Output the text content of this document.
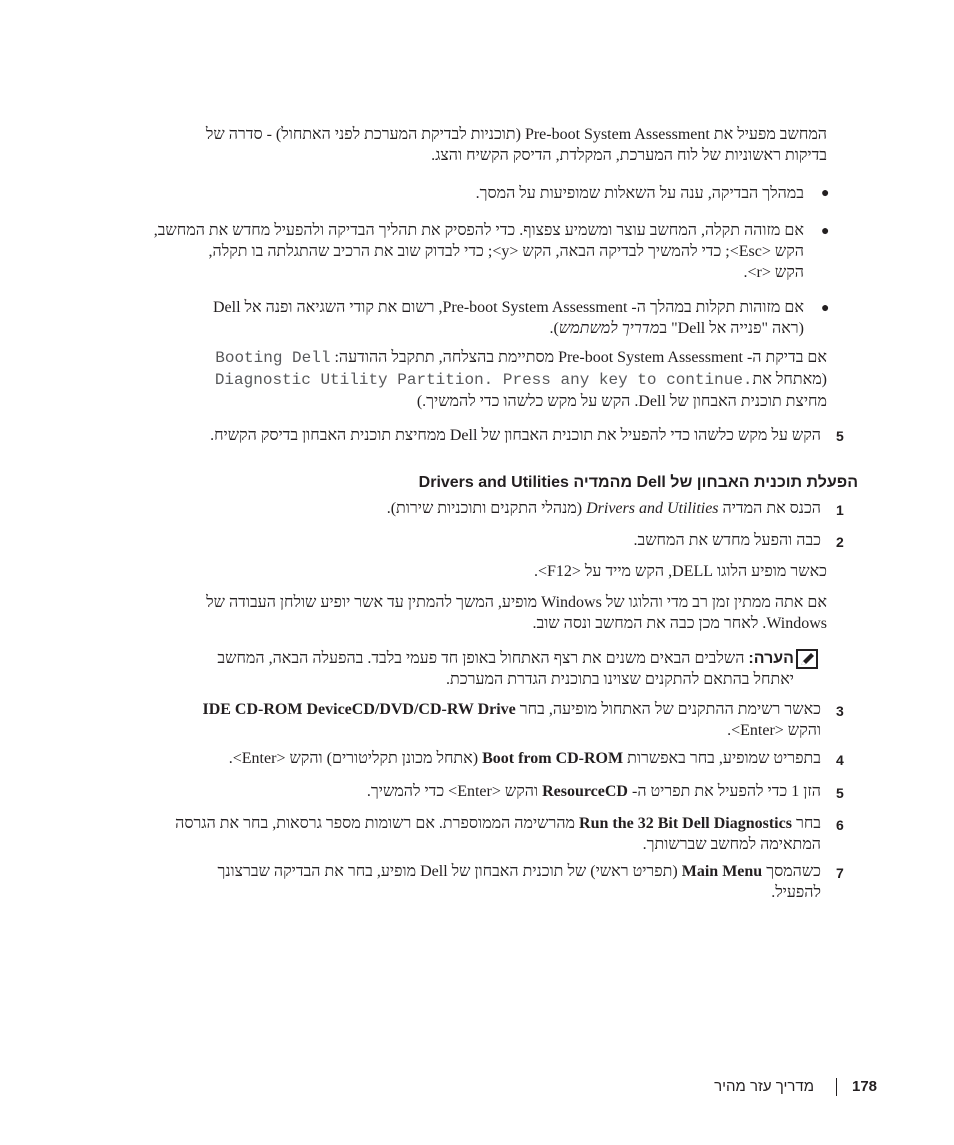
המחשב מפעיל את Pre-boot System Assessment (תוכניות לבדיקת המערכת לפני האתחול) - סדרה של
בדיקות ראשוניות של לוח המערכת, המקלדת, הדיסק הקשיח והצג.
●
במהלך הבדיקה, ענה על השאלות שמופיעות על המסך.
●
אם מזוהה תקלה, המחשב עוצר ומשמיע צפצוף. כדי להפסיק את תהליך הבדיקה ולהפעיל מחדש את המחשב,
הקש <Esc>; כדי להמשיך לבדיקה הבאה, הקש <y>; כדי לבדוק שוב את הרכיב שהתגלתה בו תקלה,
הקש <r>.
●
אם מזוהות תקלות במהלך ה- Pre-boot System Assessment, רשום את קודי השגיאה ופנה אל Dell
(ראה "פנייה אל Dell" במדריך למשתמש).
אם בדיקת ה- Pre-boot System Assessment מסתיימת בהצלחה, תתקבל ההודעה: Booting Dell
(מאתחל אתDiagnostic Utility Partition. Press any key to continue.
מחיצת תוכנית האבחון של Dell. הקש על מקש כלשהו כדי להמשיך.)
5
הקש על מקש כלשהו כדי להפעיל את תוכנית האבחון של Dell ממחיצת תוכנית האבחון בדיסק הקשיח.
הפעלת תוכנית האבחון של Dell מהמדיה Drivers and Utilities
1
הכנס את המדיה Drivers and Utilities (מנהלי התקנים ותוכניות שירות).
2
כבה והפעל מחדש את המחשב.
כאשר מופיע הלוגו DELL, הקש מייד על <F12>.
אם אתה ממתין זמן רב מדי והלוגו של Windows מופיע, המשך להמתין עד אשר יופיע שולחן העבודה של
Windows. לאחר מכן כבה את המחשב ונסה שוב.
הערה: השלבים הבאים משנים את רצף האתחול באופן חד פעמי בלבד. בהפעלה הבאה, המחשב
יאתחל בהתאם להתקנים שצוינו בתוכנית הגדרת המערכת.
3
כאשר רשימת ההתקנים של האתחול מופיעה, בחר IDE CD-ROM DeviceCD/DVD/CD-RW Drive
והקש <Enter>.
4
בתפריט שמופיע, בחר באפשרות Boot from CD-ROM (אתחל מכונן תקליטורים) והקש <Enter>.
5
הזן 1 כדי להפעיל את תפריט ה- ResourceCD והקש <Enter> כדי להמשיך.
6
בחר Run the 32 Bit Dell Diagnostics מהרשימה הממוספרת. אם רשומות מספר גרסאות, בחר את הגרסה
המתאימה למחשב שברשותך.
7
כשהמסך Main Menu (תפריט ראשי) של תוכנית האבחון של Dell מופיע, בחר את הבדיקה שברצונך
להפעיל.
178
מדריך עזר מהיר
